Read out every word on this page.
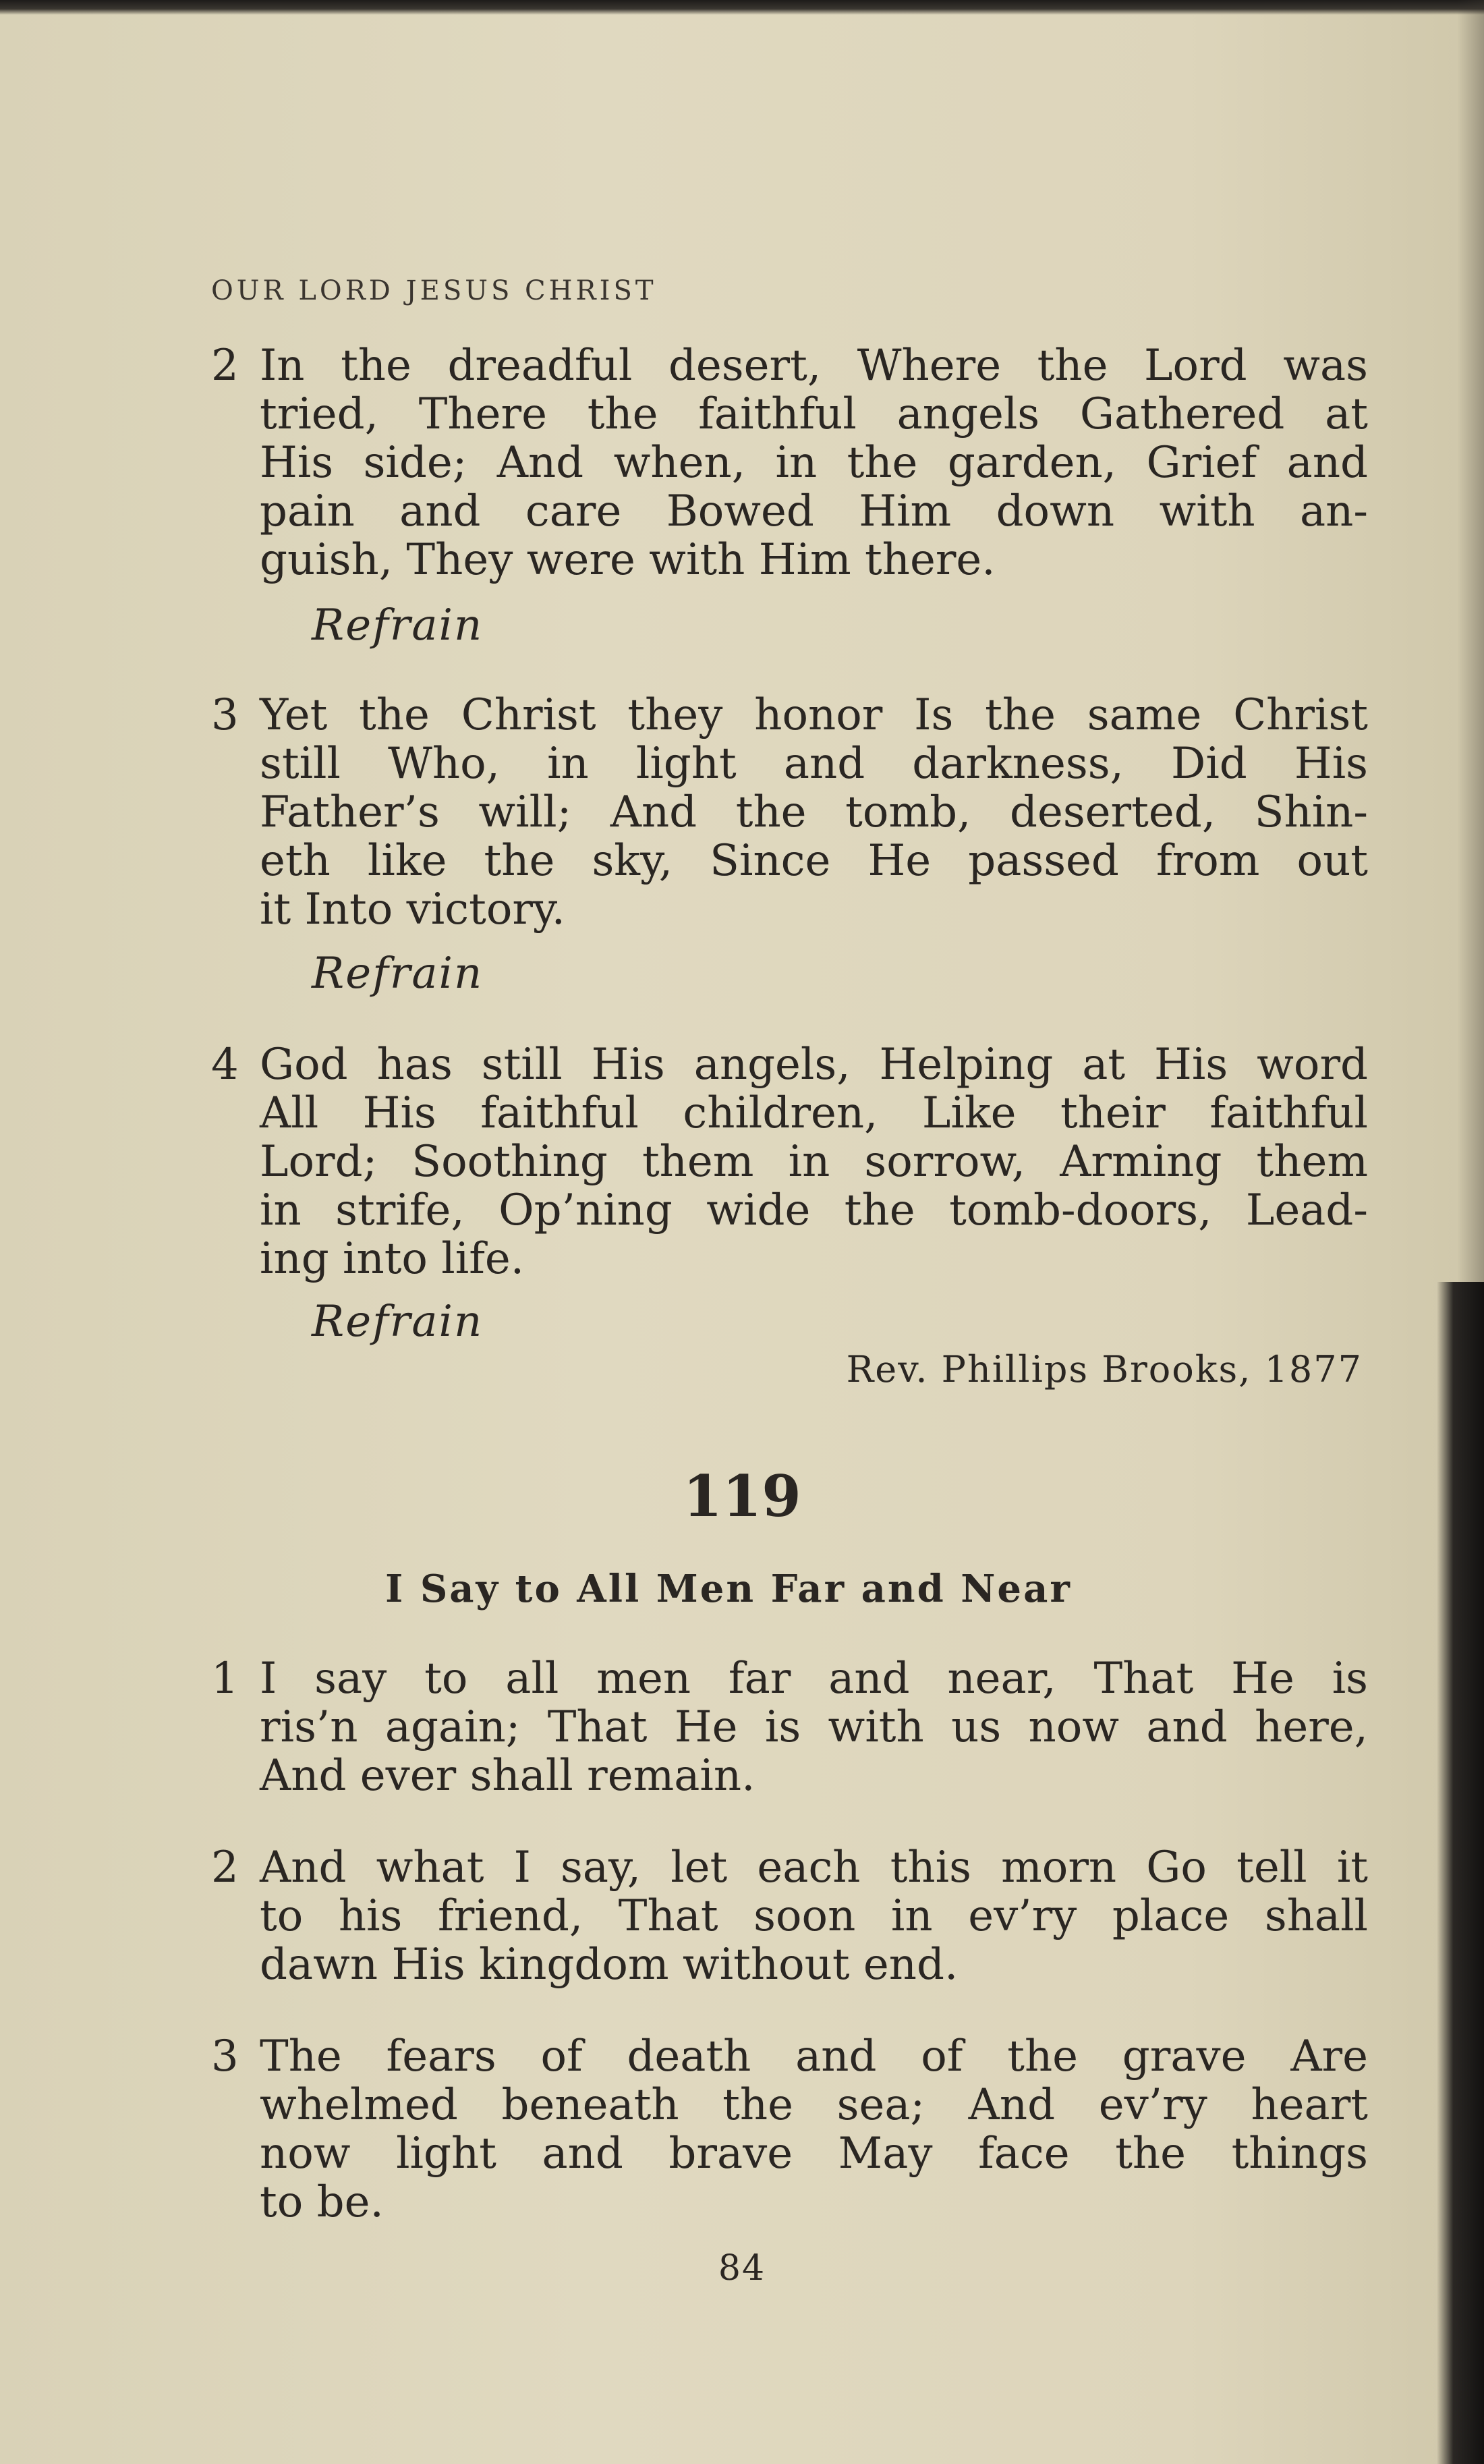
OUR LORD JESUS CHRIST
2 In the dreadful desert, Where the Lord was
tried, There the faithful angels Gathered at
His side; And when, in the garden, Grief and
pain and care Bowed Him down with an-
guish, They were with Him there.
Refrain
3 Yet the Christ they honor Is the same Christ
still Who, in light and darkness, Did His
Father’s will; And the tomb, deserted, Shin-
eth like the sky, Since He passed from out
it Into victory.
Refrain
4 God has still His angels, Helping at His word
All His faithful children, Like their faithful
Lord; Soothing them in sorrow, Arming them
in strife, Op’ning wide the tomb-doors, Lead-
ing into life.
Refrain
Rev. Phillips Brooks, 1877
119
I Say to All Men Far and Near
1 I say to all men far and near, That He is
ris’n again; That He is with us now and here,
And ever shall remain.
2 And what I say, let each this morn Go tell it
to his friend, That soon in ev’ry place shall
dawn His kingdom without end.
3 The fears of death and of the grave Are
whelmed beneath the sea; And ev’ry heart
now light and brave May face the things
to be.
84
